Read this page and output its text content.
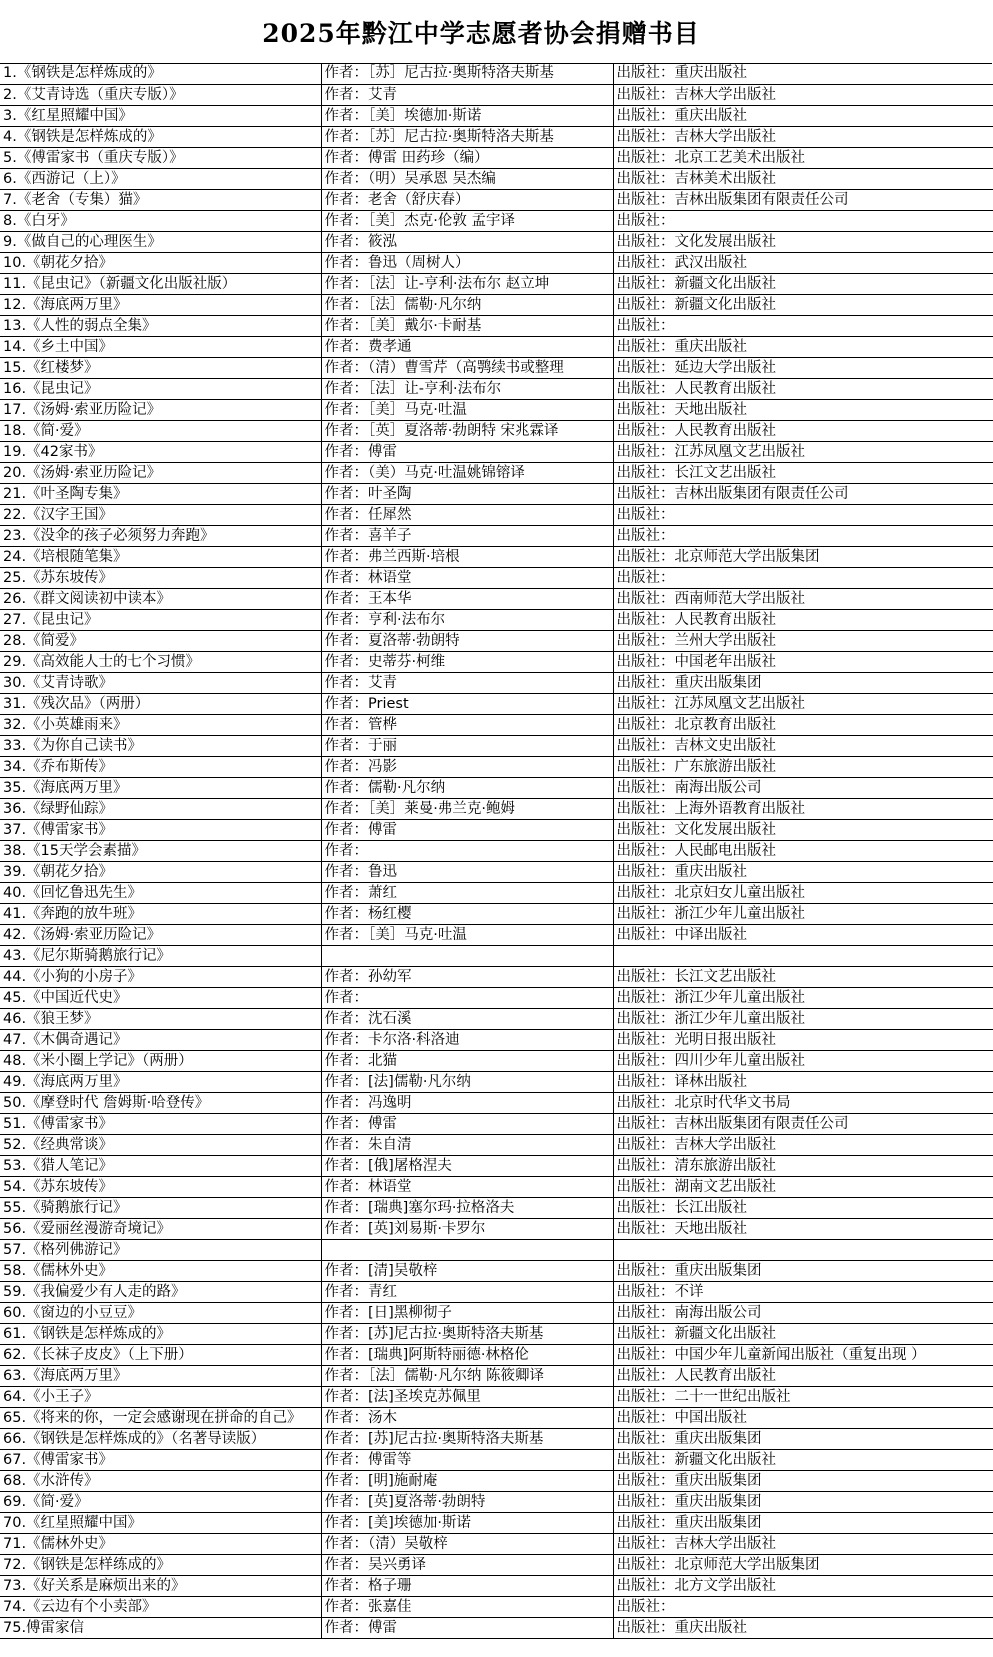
2025年黔江中学志愿者协会捐赠书目
1.《钢铁是怎样炼成的》	作者：［苏］尼古拉·奥斯特洛夫斯基	出版社：重庆出版社
2.《艾青诗选（重庆专版）》	作者：艾青	出版社：吉林大学出版社
3.《红星照耀中国》	作者：［美］埃德加·斯诺	出版社：重庆出版社
4.《钢铁是怎样炼成的》	作者：［苏］尼古拉·奥斯特洛夫斯基	出版社：吉林大学出版社
5.《傅雷家书（重庆专版）》	作者：傅雷 田药珍（编）	出版社：北京工艺美术出版社
6.《西游记（上）》	作者：（明）吴承恩 吴杰编	出版社：吉林美术出版社
7.《老舍（专集）猫》	作者：老舍（舒庆春）	出版社：吉林出版集团有限责任公司
8.《白牙》	作者：［美］杰克·伦敦 孟宇译	出版社：
9.《做自己的心理医生》	作者：筱泓	出版社：文化发展出版社
10.《朝花夕拾》	作者：鲁迅（周树人）	出版社：武汉出版社
11.《昆虫记》（新疆文化出版社版）	作者：［法］让-亨利·法布尔 赵立坤	出版社：新疆文化出版社
12.《海底两万里》	作者：［法］儒勒·凡尔纳	出版社：新疆文化出版社
13.《人性的弱点全集》	作者：［美］戴尔·卡耐基	出版社：
14.《乡土中国》	作者：费孝通	出版社：重庆出版社
15.《红楼梦》	作者：（清）曹雪芹（高鹗续书或整理	出版社：延边大学出版社
16.《昆虫记》	作者：［法］让-亨利·法布尔	出版社：人民教育出版社
17.《汤姆·索亚历险记》	作者：［美］马克·吐温	出版社：天地出版社
18.《简·爱》	作者：［英］夏洛蒂·勃朗特 宋兆霖译	出版社：人民教育出版社
19.《42家书》	作者：傅雷	出版社：江苏凤凰文艺出版社
20.《汤姆·索亚历险记》	作者：（美）马克·吐温姚锦镕译	出版社：长江文艺出版社
21.《叶圣陶专集》	作者：叶圣陶	出版社：吉林出版集团有限责任公司
22.《汉字王国》	作者：任犀然	出版社：
23.《没伞的孩子必须努力奔跑》	作者：喜羊子	出版社：
24.《培根随笔集》	作者：弗兰西斯·培根	出版社：北京师范大学出版集团
25.《苏东坡传》	作者：林语堂	出版社：
26.《群文阅读初中读本》	作者：王本华	出版社：西南师范大学出版社
27.《昆虫记》	作者：亨利·法布尔	出版社：人民教育出版社
28.《简爱》	作者：夏洛蒂·勃朗特	出版社：兰州大学出版社
29.《高效能人士的七个习惯》	作者：史蒂芬·柯维	出版社：中国老年出版社
30.《艾青诗歌》	作者：艾青	出版社：重庆出版集团
31.《残次品》（两册）	作者：Priest	出版社：江苏凤凰文艺出版社
32.《小英雄雨来》	作者：管桦	出版社：北京教育出版社
33.《为你自己读书》	作者：于丽	出版社：吉林文史出版社
34.《乔布斯传》	作者：冯影	出版社：广东旅游出版社
35.《海底两万里》	作者：儒勒·凡尔纳	出版社：南海出版公司
36.《绿野仙踪》	作者：［美］莱曼·弗兰克·鲍姆	出版社：上海外语教育出版社
37.《傅雷家书》	作者：傅雷	出版社：文化发展出版社
38.《15天学会素描》	作者：	出版社：人民邮电出版社
39.《朝花夕拾》	作者：鲁迅	出版社：重庆出版社
40.《回忆鲁迅先生》	作者：萧红	出版社：北京妇女儿童出版社
41.《奔跑的放牛班》	作者：杨红樱	出版社：浙江少年儿童出版社
42.《汤姆·索亚历险记》	作者：［美］马克·吐温	出版社：中译出版社
43.《尼尔斯骑鹅旅行记》		
44.《小狗的小房子》	作者：孙幼军	出版社：长江文艺出版社
45.《中国近代史》	作者：	出版社：浙江少年儿童出版社
46.《狼王梦》	作者：沈石溪	出版社：浙江少年儿童出版社
47.《木偶奇遇记》	作者：卡尔洛·科洛迪	出版社：光明日报出版社
48.《米小圈上学记》（两册）	作者：北猫	出版社：四川少年儿童出版社
49.《海底两万里》	作者：[法]儒勒·凡尔纳	出版社：译林出版社
50.《摩登时代 詹姆斯·哈登传》	作者：冯逸明	出版社：北京时代华文书局
51.《傅雷家书》	作者：傅雷	出版社：吉林出版集团有限责任公司
52.《经典常谈》	作者：朱自清	出版社：吉林大学出版社
53.《猎人笔记》	作者：[俄]屠格涅夫	出版社：清东旅游出版社
54.《苏东坡传》	作者：林语堂	出版社：湖南文艺出版社
55.《骑鹅旅行记》	作者：[瑞典]塞尔玛·拉格洛夫	出版社：长江出版社
56.《爱丽丝漫游奇境记》	作者：[英]刘易斯·卡罗尔	出版社：天地出版社
57.《格列佛游记》		
58.《儒林外史》	作者：[清]吴敬梓	出版社：重庆出版集团
59.《我偏爱少有人走的路》	作者：青红	出版社：不详
60.《窗边的小豆豆》	作者：[日]黑柳彻子	出版社：南海出版公司
61.《钢铁是怎样炼成的》	作者：[苏]尼古拉·奥斯特洛夫斯基	出版社：新疆文化出版社
62.《长袜子皮皮》（上下册）	作者：[瑞典]阿斯特丽德·林格伦	出版社：中国少年儿童新闻出版社（重复出现 ）
63.《海底两万里》	作者：［法］儒勒·凡尔纳 陈筱卿译	出版社：人民教育出版社
64.《小王子》	作者：[法]圣埃克苏佩里	出版社：二十一世纪出版社
65.《将来的你，一定会感谢现在拼命的自己》	作者：汤木	出版社：中国出版社
66.《钢铁是怎样炼成的》（名著导读版）	作者：[苏]尼古拉·奥斯特洛夫斯基	出版社：重庆出版集团
67.《傅雷家书》	作者：傅雷等	出版社：新疆文化出版社
68.《水浒传》	作者：[明]施耐庵	出版社：重庆出版集团
69.《简·爱》	作者：[英]夏洛蒂·勃朗特	出版社：重庆出版集团
70.《红星照耀中国》	作者：[美]埃德加·斯诺	出版社：重庆出版集团
71.《儒林外史》	作者：（清）吴敬梓	出版社：吉林大学出版社
72.《钢铁是怎样练成的》	作者：吴兴勇译	出版社：北京师范大学出版集团
73.《好关系是麻烦出来的》	作者：格子珊	出版社：北方文学出版社
74.《云边有个小卖部》	作者：张嘉佳	出版社：
75.傅雷家信	作者：傅雷	出版社：重庆出版社
